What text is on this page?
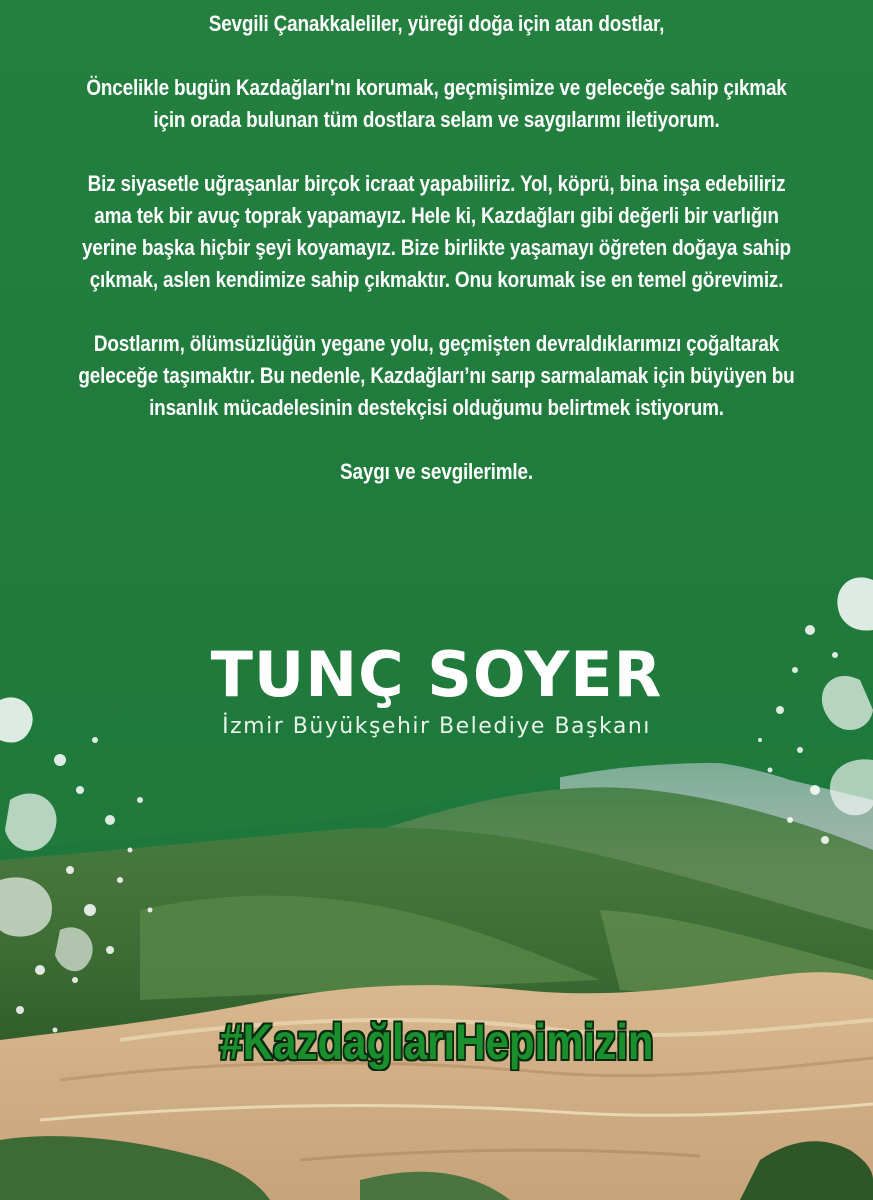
Sevgili Çanakkaleliler, yüreği doğa için atan dostlar,

Öncelikle bugün Kazdağları'nı korumak, geçmişimize ve geleceğe sahip çıkmak
için orada bulunan tüm dostlara selam ve saygılarımı iletiyorum.

Biz siyasetle uğraşanlar birçok icraat yapabiliriz. Yol, köprü, bina inşa edebiliriz
ama tek bir avuç toprak yapamayız. Hele ki, Kazdağları gibi değerli bir varlığın
yerine başka hiçbir şeyi koyamayız. Bize birlikte yaşamayı öğreten doğaya sahip
çıkmak, aslen kendimize sahip çıkmaktır. Onu korumak ise en temel görevimiz.

Dostlarım, ölümsüzlüğün yegane yolu, geçmişten devraldıklarımızı çoğaltarak
geleceğe taşımaktır. Bu nedenle, Kazdağları’nı sarıp sarmalamak için büyüyen bu
insanlık mücadelesinin destekçisi olduğumu belirtmek istiyorum.

Saygı ve sevgilerimle.

TUNÇ SOYER
İzmir Büyükşehir Belediye Başkanı
#KazdağlarıHepimizin
